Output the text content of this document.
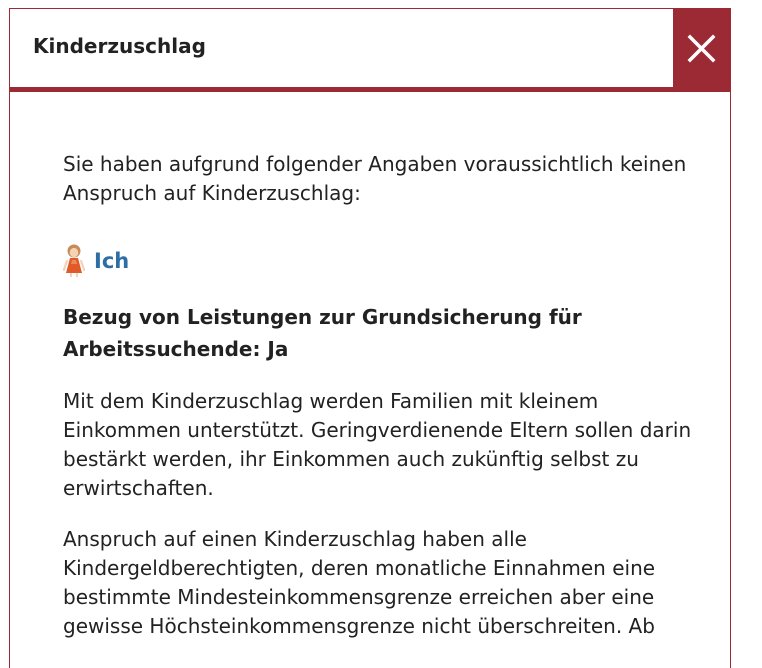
Kinderzuschlag

Sie haben aufgrund folgender Angaben voraussichtlich keinen Anspruch auf Kinderzuschlag:

Ich

Bezug von Leistungen zur Grundsicherung für Arbeitssuchende: Ja

Mit dem Kinderzuschlag werden Familien mit kleinem Einkommen unterstützt. Geringverdienende Eltern sollen darin bestärkt werden, ihr Einkommen auch zukünftig selbst zu erwirtschaften.

Anspruch auf einen Kinderzuschlag haben alle Kindergeldberechtigten, deren monatliche Einnahmen eine bestimmte Mindesteinkommensgrenze erreichen aber eine gewisse Höchsteinkommensgrenze nicht überschreiten. Ab
